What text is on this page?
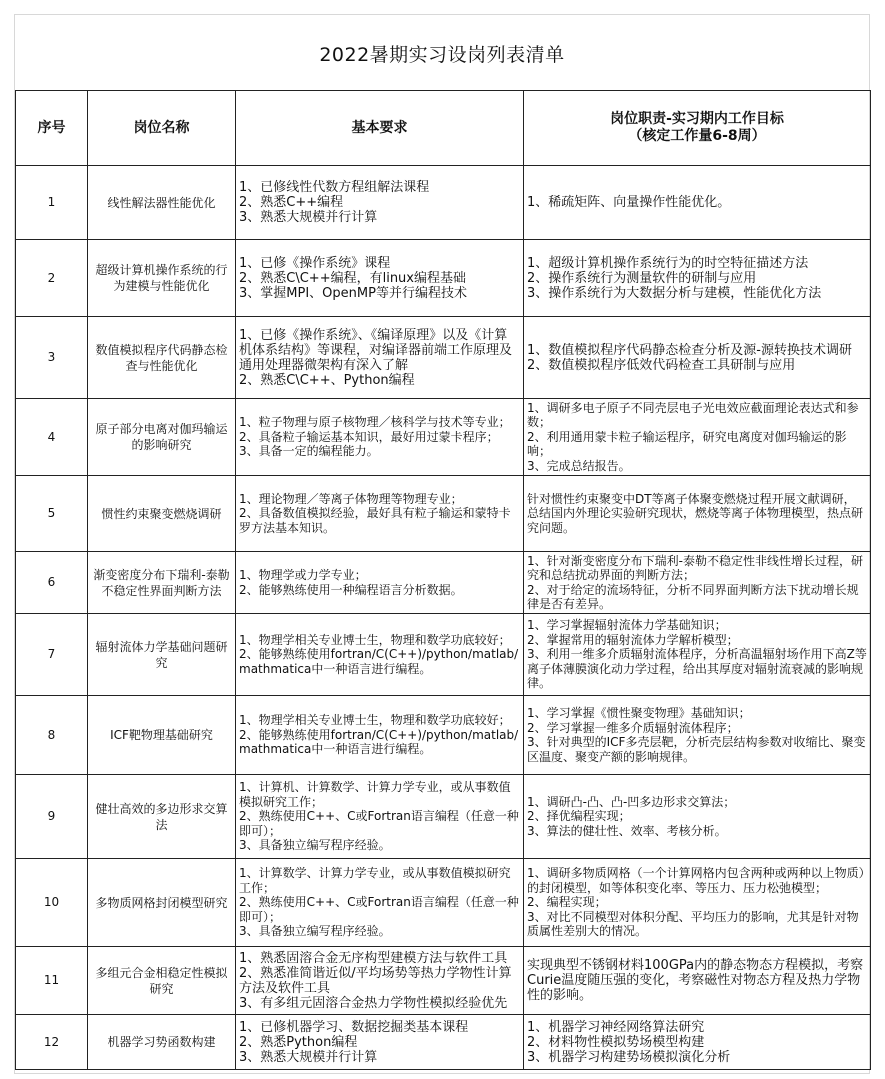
2022暑期实习设岗列表清单
序号	岗位名称	基本要求	岗位职责-实习期内工作目标
（核定工作量6-8周）

1	线性解法器性能优化	1、已修线性代数方程组解法课程
2、熟悉C++编程
3、熟悉大规模并行计算	1、稀疏矩阵、向量操作性能优化。

2	超级计算机操作系统的行为建模与性能优化	1、已修《操作系统》课程
2、熟悉C\C++编程，有linux编程基础
3、掌握MPI、OpenMP等并行编程技术	1、超级计算机操作系统行为的时空特征描述方法
2、操作系统行为测量软件的研制与应用
3、操作系统行为大数据分析与建模，性能优化方法

3	数值模拟程序代码静态检查与性能优化	1、已修《操作系统》、《编译原理》以及《计算机体系结构》等课程，对编译器前端工作原理及通用处理器微架构有深入了解
2、熟悉C\C++、Python编程	1、数值模拟程序代码静态检查分析及源-源转换技术调研
2、数值模拟程序低效代码检查工具研制与应用

4	原子部分电离对伽玛输运的影响研究	1、粒子物理与原子核物理／核科学与技术等专业；
2、具备粒子输运基本知识，最好用过蒙卡程序；
3、具备一定的编程能力。	1、调研多电子原子不同壳层电子光电效应截面理论表达式和参数；
2、利用通用蒙卡粒子输运程序，研究电离度对伽玛输运的影响；
3、完成总结报告。

5	惯性约束聚变燃烧调研	1、理论物理／等离子体物理等物理专业；
2、具备数值模拟经验，最好具有粒子输运和蒙特卡罗方法基本知识。	针对惯性约束聚变中DT等离子体聚变燃烧过程开展文献调研，总结国内外理论实验研究现状，燃烧等离子体物理模型，热点研究问题。

6	渐变密度分布下瑞利-泰勒不稳定性界面判断方法	1、物理学或力学专业；
2、能够熟练使用一种编程语言分析数据。	1、针对渐变密度分布下瑞利-泰勒不稳定性非线性增长过程，研究和总结扰动界面的判断方法；
2、对于给定的流场特征，分析不同界面判断方法下扰动增长规律是否有差异。

7	辐射流体力学基础问题研究	1、物理学相关专业博士生，物理和数学功底较好；
2、能够熟练使用fortran/C(C++)/python/matlab/mathmatica中一种语言进行编程。	1、学习掌握辐射流体力学基础知识；
2、掌握常用的辐射流体力学解析模型；
3、利用一维多介质辐射流体程序，分析高温辐射场作用下高Z等离子体薄膜演化动力学过程，给出其厚度对辐射流衰减的影响规律。

8	ICF靶物理基础研究	1、物理学相关专业博士生，物理和数学功底较好；
2、能够熟练使用fortran/C(C++)/python/matlab/mathmatica中一种语言进行编程。	1、学习掌握《惯性聚变物理》基础知识；
2、学习掌握一维多介质辐射流体程序；
3、针对典型的ICF多壳层靶，分析壳层结构参数对收缩比、聚变区温度、聚变产额的影响规律。

9	健壮高效的多边形求交算法	1、计算机、计算数学、计算力学专业，或从事数值模拟研究工作；
2、熟练使用C++、C或Fortran语言编程（任意一种即可）；
3、具备独立编写程序经验。	1、调研凸-凸、凸-凹多边形求交算法；
2、择优编程实现；
3、算法的健壮性、效率、考核分析。

10	多物质网格封闭模型研究	1、计算数学、计算力学专业，或从事数值模拟研究工作；
2、熟练使用C++、C或Fortran语言编程（任意一种即可）；
3、具备独立编写程序经验。	1、调研多物质网格（一个计算网格内包含两种或两种以上物质）的封闭模型，如等体积变化率、等压力、压力松弛模型；
2、编程实现；
3、对比不同模型对体积分配、平均压力的影响，尤其是针对物质属性差别大的情况。

11	多组元合金相稳定性模拟研究	1、熟悉固溶合金无序构型建模方法与软件工具
2、熟悉准简谐近似/平均场势等热力学物性计算方法及软件工具
3、有多组元固溶合金热力学物性模拟经验优先	实现典型不锈钢材料100GPa内的静态物态方程模拟，考察Curie温度随压强的变化，考察磁性对物态方程及热力学物性的影响。

12	机器学习势函数构建	1、已修机器学习、数据挖掘类基本课程
2、熟悉Python编程
3、熟悉大规模并行计算	1、机器学习神经网络算法研究
2、材料物性模拟势场模型构建
3、机器学习构建势场模拟演化分析
